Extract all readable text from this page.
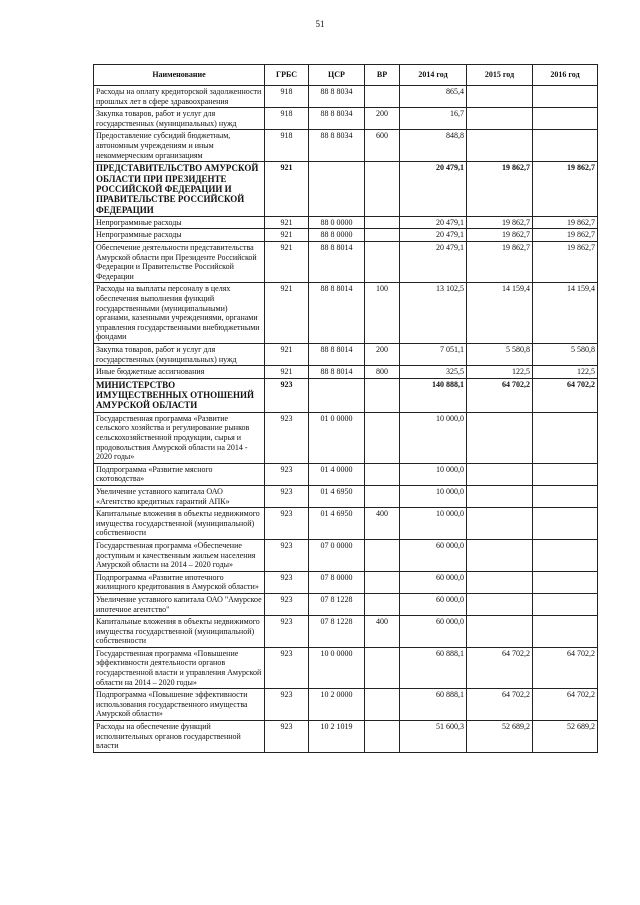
51
Наименование	ГРБС	ЦСР	ВР	2014 год	2015 год	2016 год
Расходы на оплату кредиторской задолженности прошлых лет в сфере здравоохранения	918	88 8 8034		865,4		
Закупка товаров, работ и услуг для государственных (муниципальных) нужд	918	88 8 8034	200	16,7		
Предоставление субсидий бюджетным, автономным учреждениям и иным некоммерческим организациям	918	88 8 8034	600	848,8		
ПРЕДСТАВИТЕЛЬСТВО АМУРСКОЙ ОБЛАСТИ ПРИ ПРЕЗИДЕНТЕ РОССИЙСКОЙ ФЕДЕРАЦИИ И ПРАВИТЕЛЬСТВЕ РОССИЙСКОЙ ФЕДЕРАЦИИ	921			20 479,1	19 862,7	19 862,7
Непрограммные расходы	921	88 0 0000		20 479,1	19 862,7	19 862,7
Непрограммные расходы	921	88 8 0000		20 479,1	19 862,7	19 862,7
Обеспечение деятельности представительства Амурской области при Президенте Российской Федерации и Правительстве Российской Федерации	921	88 8 8014		20 479,1	19 862,7	19 862,7
Расходы на выплаты персоналу в целях обеспечения выполнения функций государственными (муниципальными) органами, казенными учреждениями, органами управления государственными внебюджетными фондами	921	88 8 8014	100	13 102,5	14 159,4	14 159,4
Закупка товаров, работ и услуг для государственных (муниципальных) нужд	921	88 8 8014	200	7 051,1	5 580,8	5 580,8
Иные бюджетные ассигнования	921	88 8 8014	800	325,5	122,5	122,5
МИНИСТЕРСТВО ИМУЩЕСТВЕННЫХ ОТНОШЕНИЙ АМУРСКОЙ ОБЛАСТИ	923			140 888,1	64 702,2	64 702,2
Государственная программа «Развитие сельского хозяйства и регулирование рынков сельскохозяйственной продукции, сырья и продовольствия Амурской области на 2014 - 2020 годы»	923	01 0 0000		10 000,0		
Подпрограмма «Развитие мясного скотоводства»	923	01 4 0000		10 000,0		
Увеличение уставного капитала ОАО «Агентство кредитных гарантий АПК»	923	01 4 6950		10 000,0		
Капитальные вложения в объекты недвижимого имущества государственной (муниципальной) собственности	923	01 4 6950	400	10 000,0		
Государственная программа «Обеспечение доступным и качественным жильем населения Амурской области на 2014 – 2020 годы»	923	07 0 0000		60 000,0		
Подпрограмма «Развитие ипотечного жилищного кредитования в Амурской области»	923	07 8 0000		60 000,0		
Увеличение уставного капитала ОАО "Амурское ипотечное агентство"	923	07 8 1228		60 000,0		
Капитальные вложения в объекты недвижимого имущества государственной (муниципальной) собственности	923	07 8 1228	400	60 000,0		
Государственная программа «Повышение эффективности деятельности органов государственной власти и управления Амурской области на 2014 – 2020 годы»	923	10 0 0000		60 888,1	64 702,2	64 702,2
Подпрограмма «Повышение эффективности использования государственного имущества Амурской области»	923	10 2 0000		60 888,1	64 702,2	64 702,2
Расходы на обеспечение функций исполнительных органов государственной власти	923	10 2 1019		51 600,3	52 689,2	52 689,2
